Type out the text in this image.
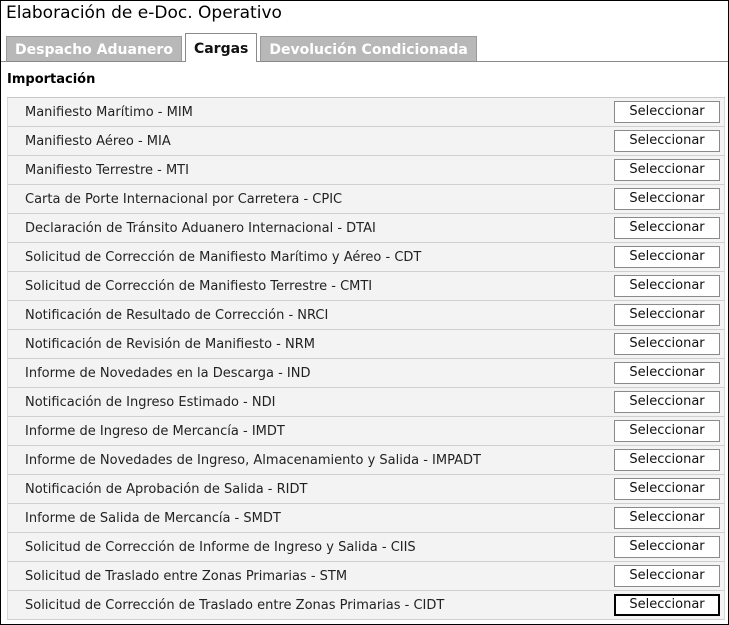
Elaboración de e-Doc. Operativo
Despacho Aduanero	Cargas	Devolución Condicionada
Importación
Manifiesto Marítimo - MIM	Seleccionar
Manifiesto Aéreo - MIA	Seleccionar
Manifiesto Terrestre - MTI	Seleccionar
Carta de Porte Internacional por Carretera - CPIC	Seleccionar
Declaración de Tránsito Aduanero Internacional - DTAI	Seleccionar
Solicitud de Corrección de Manifiesto Marítimo y Aéreo - CDT	Seleccionar
Solicitud de Corrección de Manifiesto Terrestre - CMTI	Seleccionar
Notificación de Resultado de Corrección - NRCI	Seleccionar
Notificación de Revisión de Manifiesto - NRM	Seleccionar
Informe de Novedades en la Descarga - IND	Seleccionar
Notificación de Ingreso Estimado - NDI	Seleccionar
Informe de Ingreso de Mercancía - IMDT	Seleccionar
Informe de Novedades de Ingreso, Almacenamiento y Salida - IMPADT	Seleccionar
Notificación de Aprobación de Salida - RIDT	Seleccionar
Informe de Salida de Mercancía - SMDT	Seleccionar
Solicitud de Corrección de Informe de Ingreso y Salida - CIIS	Seleccionar
Solicitud de Traslado entre Zonas Primarias - STM	Seleccionar
Solicitud de Corrección de Traslado entre Zonas Primarias - CIDT	Seleccionar
